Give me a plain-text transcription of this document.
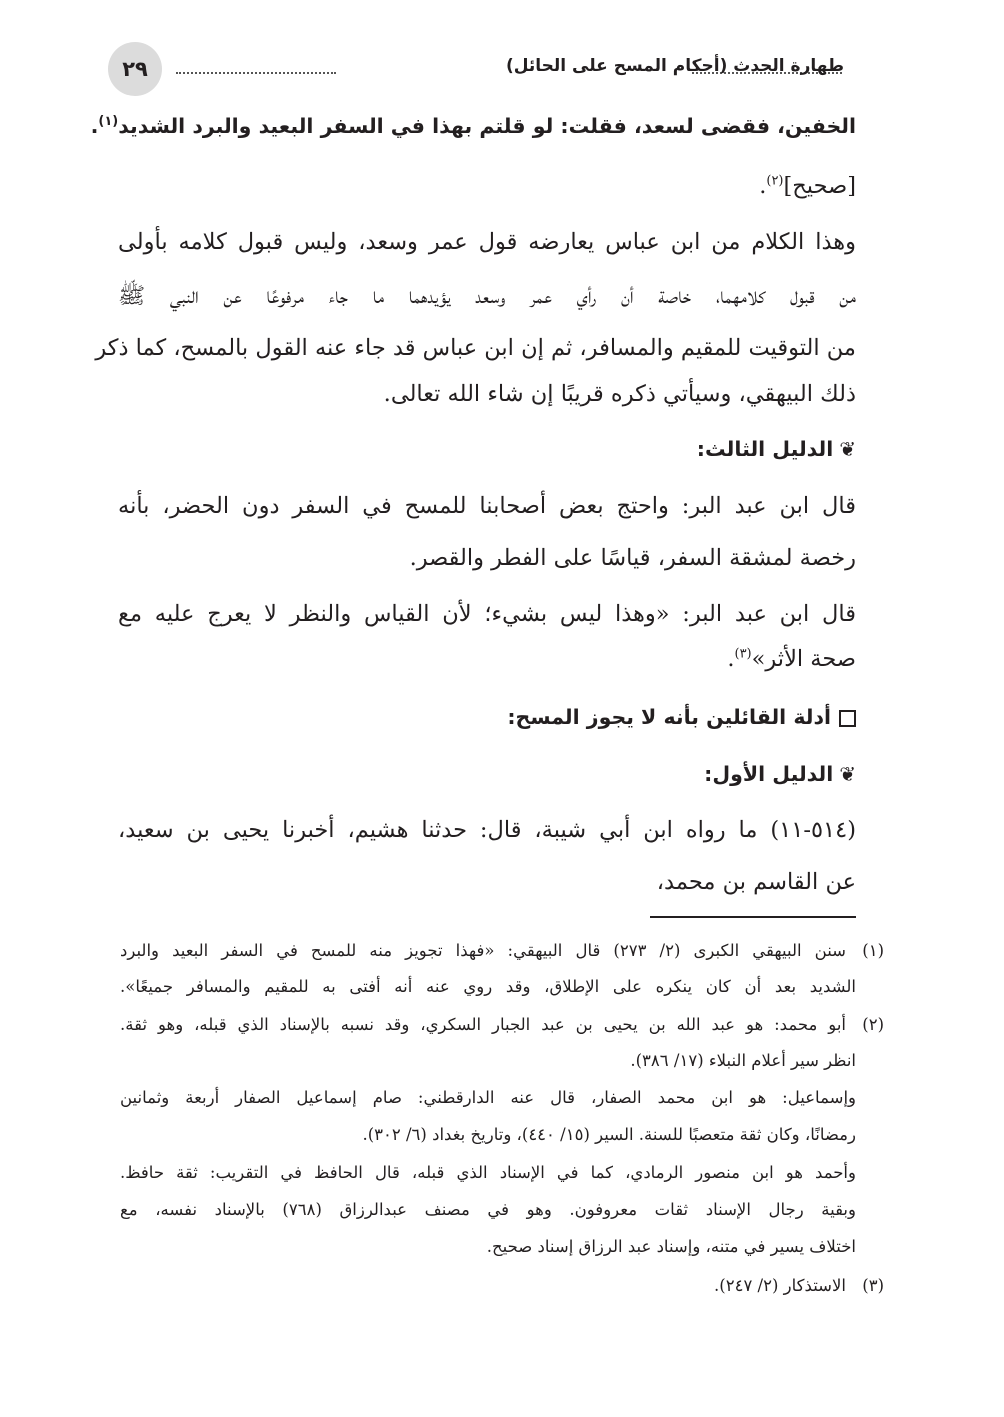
٢٩	طهارة الحدث (أحكام المسح على الحائل)
الخفين، فقضى لسعد، فقلت: لو قلتم بهذا في السفر البعيد والبرد الشديد$^{(١)}$.
[صحيح]$^{(٢)}$.
وهذا الكلام من ابن عباس يعارضه قول عمر وسعد، وليس قبول كلامه بأولى
من قبول كلامهما، خاصة أن رأي عمر وسعد يؤيدهما ما جاء مرفوعًا عن النبي ﷺ
من التوقيت للمقيم والمسافر، ثم إن ابن عباس قد جاء عنه القول بالمسح، كما ذكر
ذلك البيهقي، وسيأتي ذكره قريبًا إن شاء الله تعالى.
❦الدليل الثالث:
قال ابن عبد البر: واحتج بعض أصحابنا للمسح في السفر دون الحضر، بأنه
رخصة لمشقة السفر، قياسًا على الفطر والقصر.
قال ابن عبد البر: «وهذا ليس بشيء؛ لأن القياس والنظر لا يعرج عليه مع
صحة الأثر»$^{(٣)}$.
أدلة القائلين بأنه لا يجوز المسح:
❦الدليل الأول:
(٥١٤-١١) ما رواه ابن أبي شيبة، قال: حدثنا هشيم، أخبرنا يحيى بن سعيد،
عن القاسم بن محمد،
(١)سنن البيهقي الكبرى (٢/ ٢٧٣) قال البيهقي: «فهذا تجويز منه للمسح في السفر البعيد والبرد
الشديد بعد أن كان ينكره على الإطلاق، وقد روي عنه أنه أفتى به للمقيم والمسافر جميعًا».
(٢)أبو محمد: هو عبد الله بن يحيى بن عبد الجبار السكري، وقد نسبه بالإسناد الذي قبله، وهو ثقة.
انظر سير أعلام النبلاء (١٧/ ٣٨٦).
وإسماعيل: هو ابن محمد الصفار، قال عنه الدارقطني: صام إسماعيل الصفار أربعة وثمانين
رمضانًا، وكان ثقة متعصبًا للسنة. السير (١٥/ ٤٤٠)، وتاريخ بغداد (٦/ ٣٠٢).
وأحمد هو ابن منصور الرمادي، كما في الإسناد الذي قبله، قال الحافظ في التقريب: ثقة حافظ.
وبقية رجال الإسناد ثقات معروفون. وهو في مصنف عبدالرزاق (٧٦٨) بالإسناد نفسه، مع
اختلاف يسير في متنه، وإسناد عبد الرزاق إسناد صحيح.
(٣)الاستذكار (٢/ ٢٤٧).
